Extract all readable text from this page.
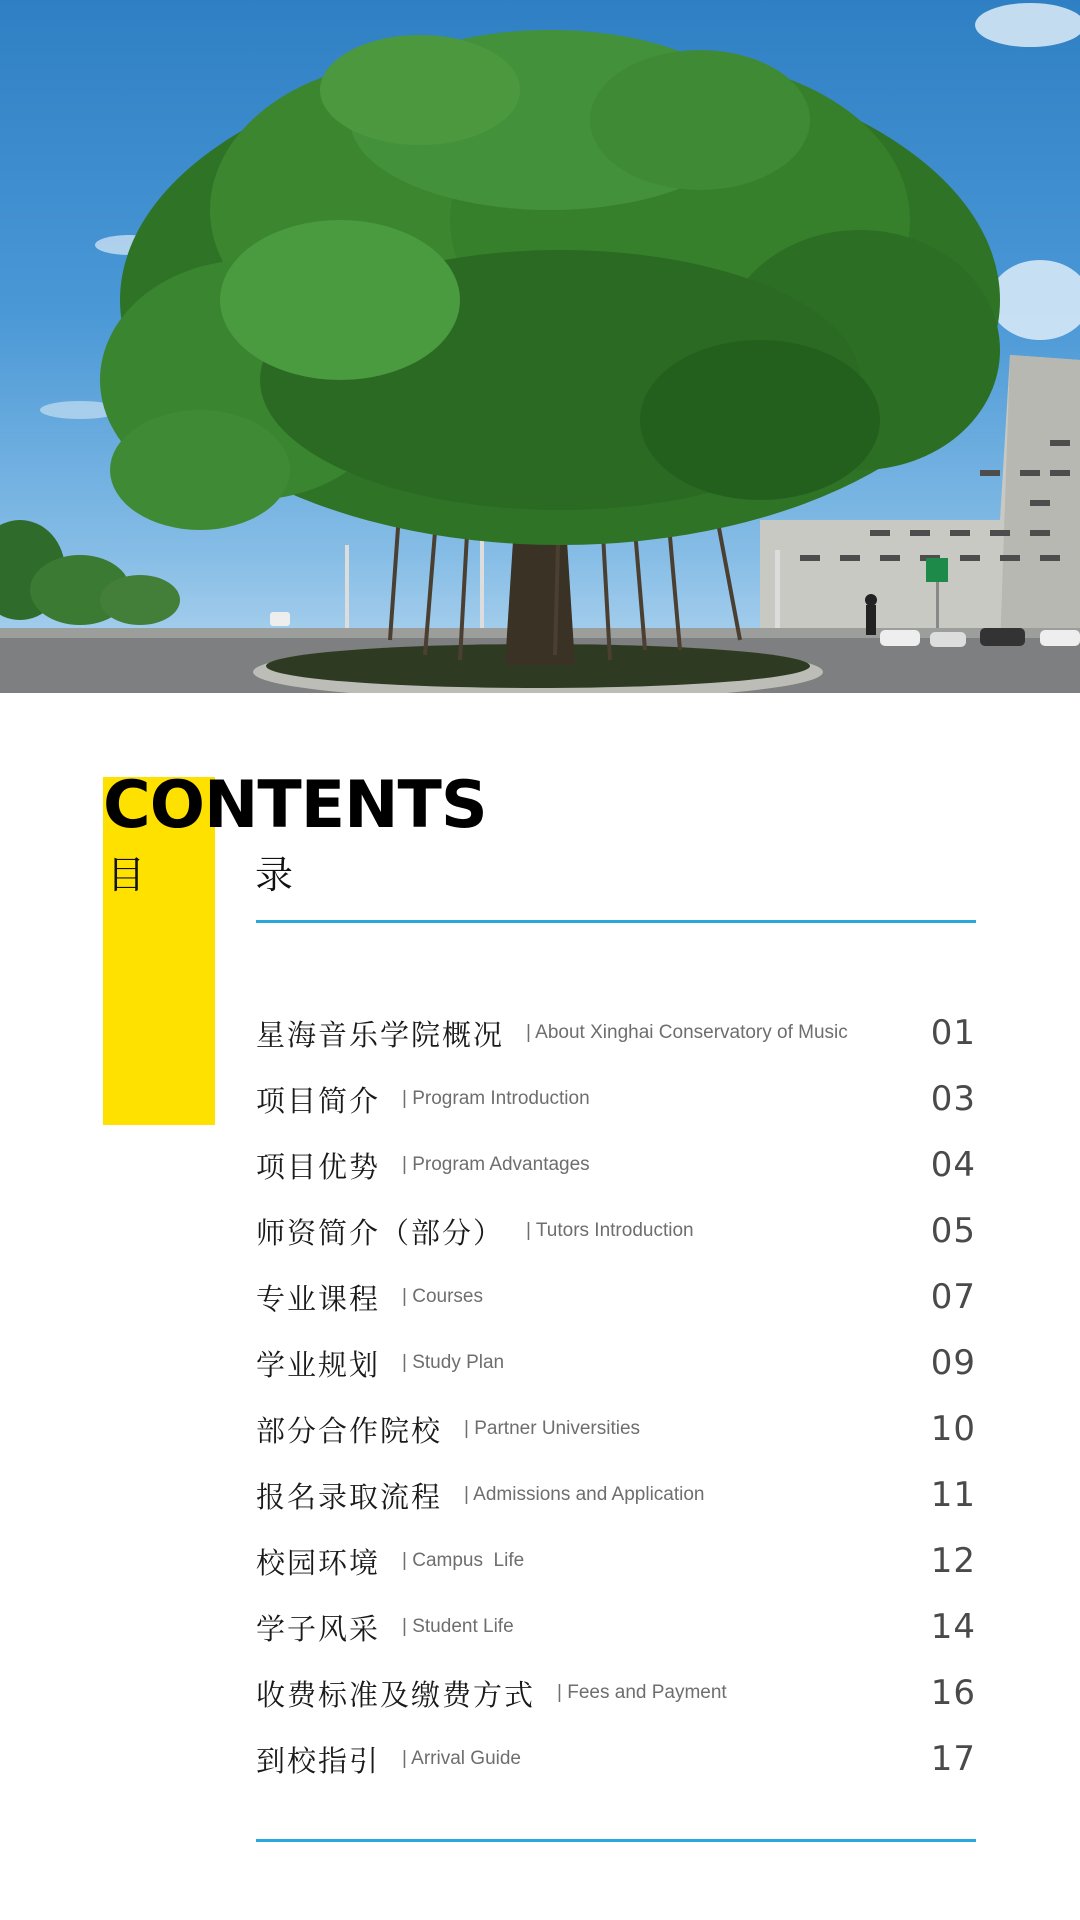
CONTENTS
目	录
星海音乐学院概况 | About Xinghai Conservatory of Music 01
项目简介 | Program Introduction	03
项目优势 | Program Advantages	04
师资简介（部分） | Tutors Introduction	05
专业课程 | Courses	07
学业规划 | Study Plan	09
部分合作院校 | Partner Universities	10
报名录取流程 | Admissions and Application	11
校园环境 | Campus  Life	12
学子风采 | Student Life	14
收费标准及缴费方式 | Fees and Payment	16
到校指引 | Arrival Guide	17
